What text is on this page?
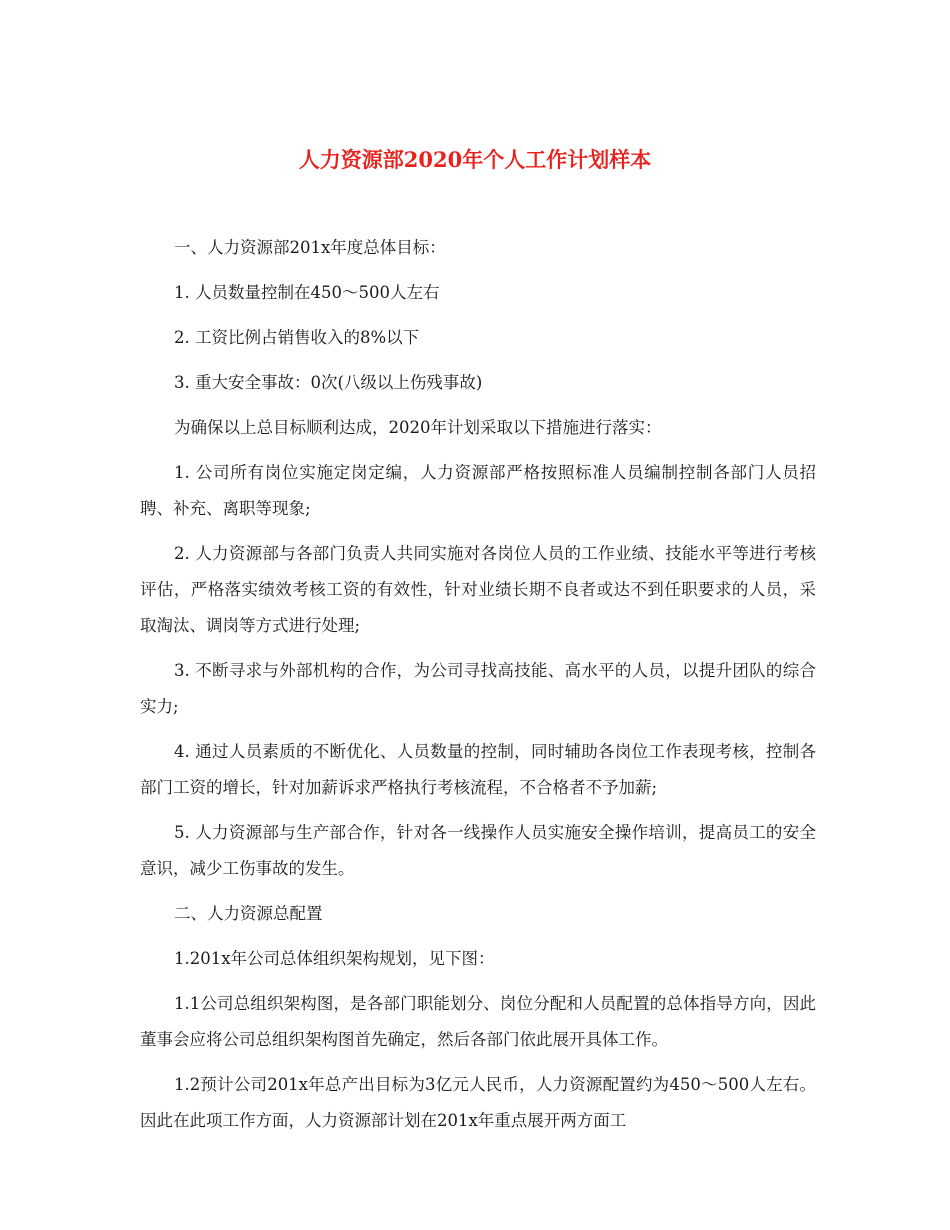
人力资源部2020年个人工作计划样本

一、人力资源部201x年度总体目标：

1. 人员数量控制在450～500人左右

2. 工资比例占销售收入的8%以下

3. 重大安全事故：0次(八级以上伤残事故)

为确保以上总目标顺利达成，2020年计划采取以下措施进行落实：

1. 公司所有岗位实施定岗定编，人力资源部严格按照标准人员编制控制各部门人员招聘、补充、离职等现象;

2. 人力资源部与各部门负责人共同实施对各岗位人员的工作业绩、技能水平等进行考核评估，严格落实绩效考核工资的有效性，针对业绩长期不良者或达不到任职要求的人员，采取淘汰、调岗等方式进行处理;

3. 不断寻求与外部机构的合作，为公司寻找高技能、高水平的人员，以提升团队的综合实力;

4. 通过人员素质的不断优化、人员数量的控制，同时辅助各岗位工作表现考核，控制各部门工资的增长，针对加薪诉求严格执行考核流程，不合格者不予加薪;

5. 人力资源部与生产部合作，针对各一线操作人员实施安全操作培训，提高员工的安全意识，减少工伤事故的发生。

二、人力资源总配置

1.201x年公司总体组织架构规划，见下图：

1.1公司总组织架构图，是各部门职能划分、岗位分配和人员配置的总体指导方向，因此董事会应将公司总组织架构图首先确定，然后各部门依此展开具体工作。

1.2预计公司201x年总产出目标为3亿元人民币，人力资源配置约为450～500人左右。因此在此项工作方面，人力资源部计划在201x年重点展开两方面工
